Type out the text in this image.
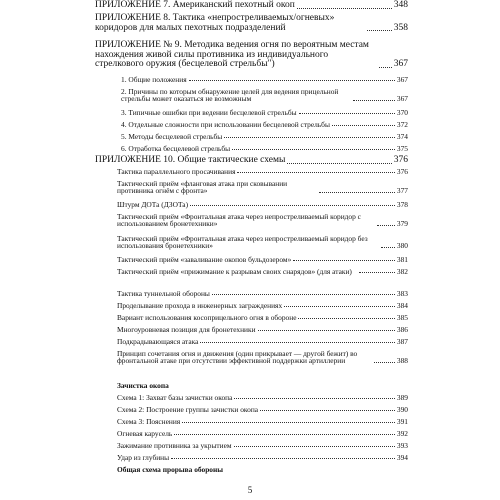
ПРИЛОЖЕНИЕ 7. Американский пехотный окоп	348
ПРИЛОЖЕНИЕ 8. Тактика «непростреливаемых/огневых» коридоров для малых пехотных подразделений	358
ПРИЛОЖЕНИЕ № 9. Методика ведения огня по вероятным местам нахождения живой силы противника из индивидуального стрелкового оружия (бесцелевой стрельбы")	367
1. Общие положения	367
2. Причины по которым обнаружение целей для ведения прицельной стрельбы может оказаться не возможным	367
3. Типичные ошибки при ведении бесцелевой стрельбы	370
4. Отдельные сложности при использовании бесцелевой стрельбы	372
5. Методы бесцелевой стрельбы	374
6. Отработка бесцелевой стрельбы	375
ПРИЛОЖЕНИЕ 10. Общие тактические схемы	376
Тактика параллельного просачивания	376
Тактический приём «фланговая атака при сковывании противника огнём с фронта»	377
Штурм ДОТа (ДЗОТа)	378
Тактический приём «Фронтальная атака через непростреливаемый коридор с использованием бронетехники»	379
Тактический приём «Фронтальная атака через непростреливаемый коридор без использования бронетехники»	380
Тактический приём «заваливание окопов бульдозером»	381
Тактический приём «прижимание к разрывам своих снарядов» (для атаки)	382
Тактика туннельной обороны	383
Проделывание прохода в инженерных заграждениях	384
Вариант использования косоприцельного огня в обороне	385
Многоуровневая позиция для бронетехники	386
Подкрадывающаяся атака	387
Принцип сочетания огня и движения (один прикрывает — другой бежит) во фронтальной атаке при отсутствии эффективной поддержки артиллерии	388
Зачистка окопа
Схема 1: Захват базы зачистки окопа	389
Схема 2: Построение группы зачистки окопа	390
Схема 3: Пояснения	391
Огневая карусель	392
Зажимание противника за укрытием	393
Удар из глубины	394
Общая схема прорыва обороны
5
